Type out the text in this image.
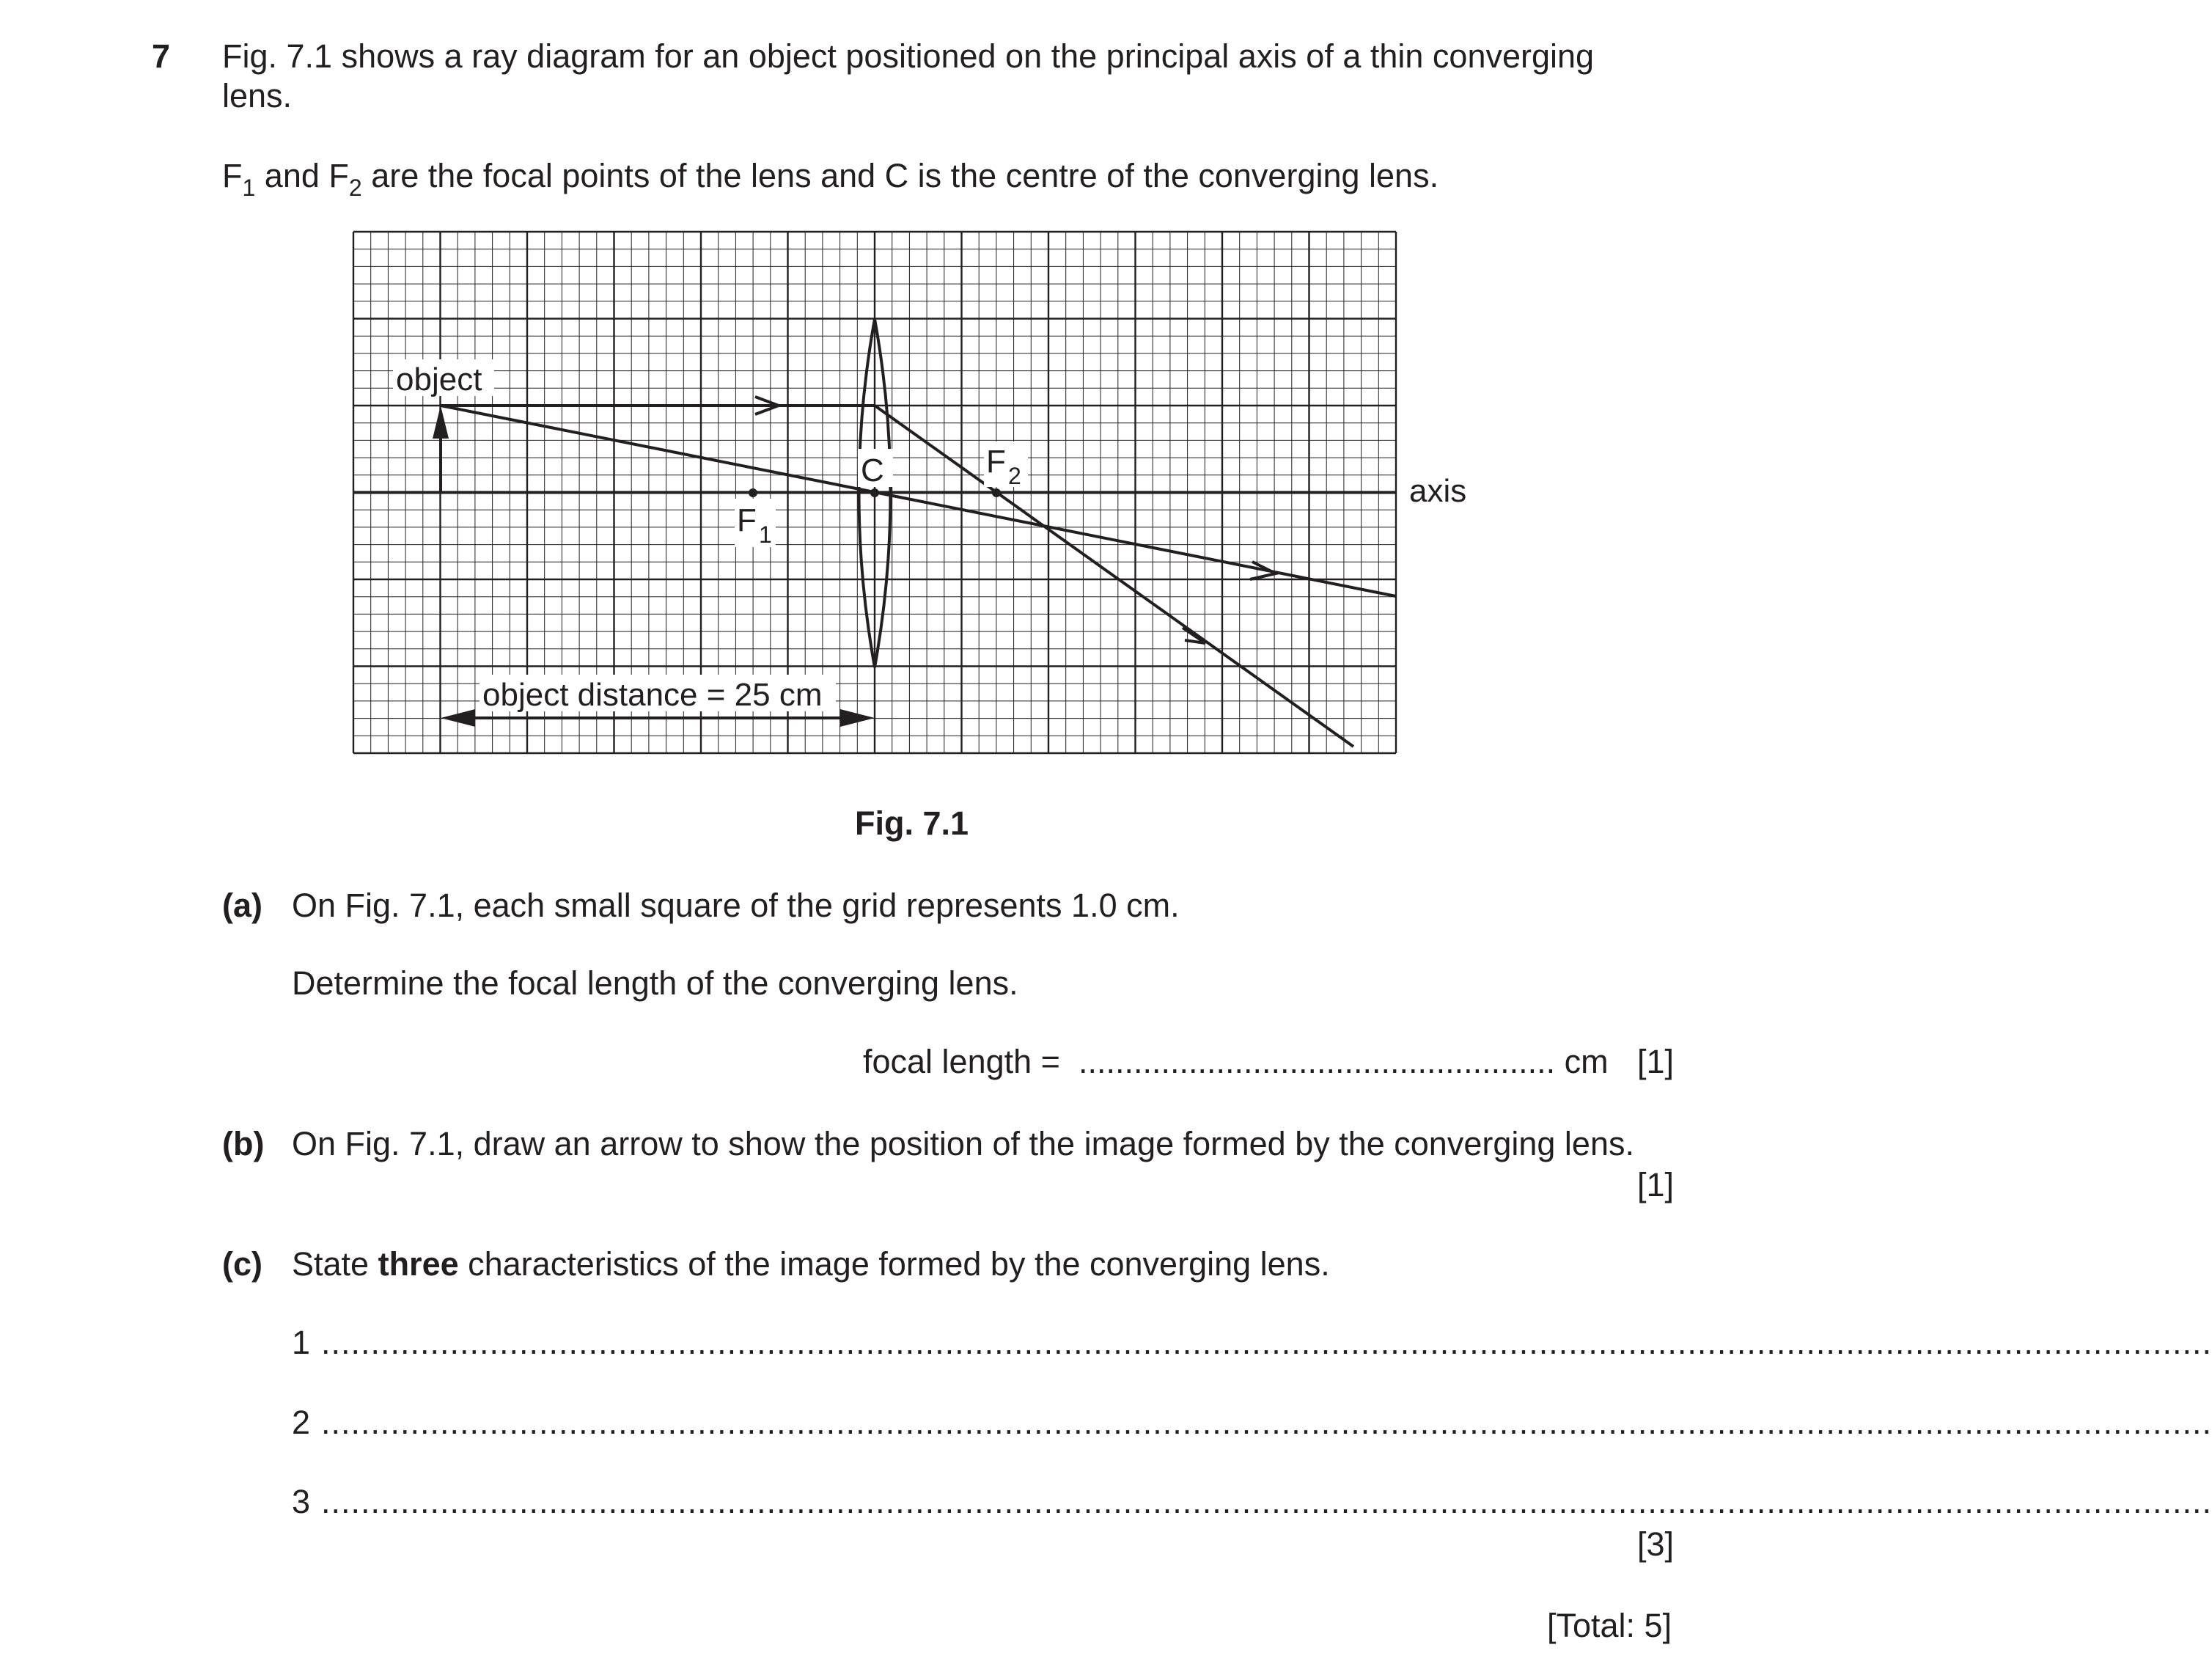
7 Fig. 7.1 shows a ray diagram for an object positioned on the principal axis of a thin converging
lens.
$F_1$ and $F_2$ are the focal points of the lens and C is the centre of the converging lens.
object
C	F 2
F 1
axis
object distance = 25 cm
Fig. 7.1
(a) On Fig. 7.1, each small square of the grid represents 1.0 cm.
Determine the focal length of the converging lens.
focal length = .................................................... cm [1]
(b) On Fig. 7.1, draw an arrow to show the position of the image formed by the converging lens.
[1]
(c) State three characteristics of the image formed by the converging lens.
1 ...............................................................................................................................................................................................
2 ...............................................................................................................................................................................................
3 ...............................................................................................................................................................................................
[3]
[Total: 5]
